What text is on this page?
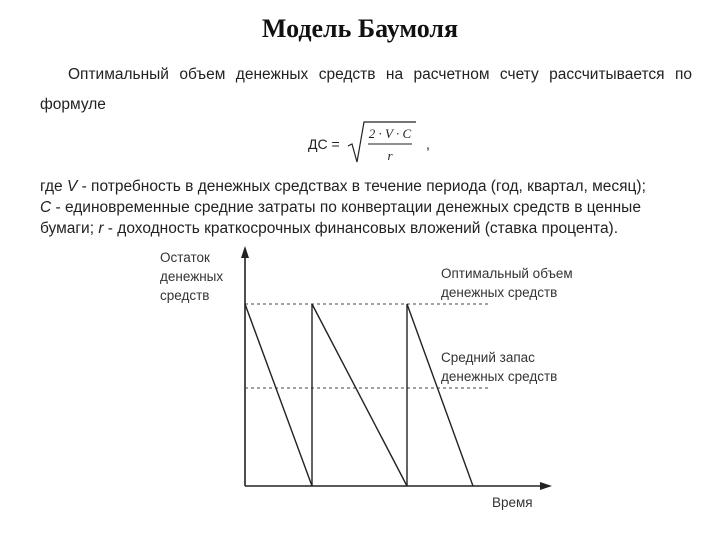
Модель Баумоля
Оптимальный объем денежных средств на расчетном счету рассчитывается по формуле
ДС =
2 · V · C
r
,
где V - потребность в денежных средствах в течение периода (год, квартал, месяц);
C - единовременные средние затраты по конвертации денежных средств в ценные бумаги; r - доходность краткосрочных финансовых вложений (ставка процента).
Остаток
денежных
средств
Оптимальный объем
денежных средств
Средний запас
денежных средств
Время
